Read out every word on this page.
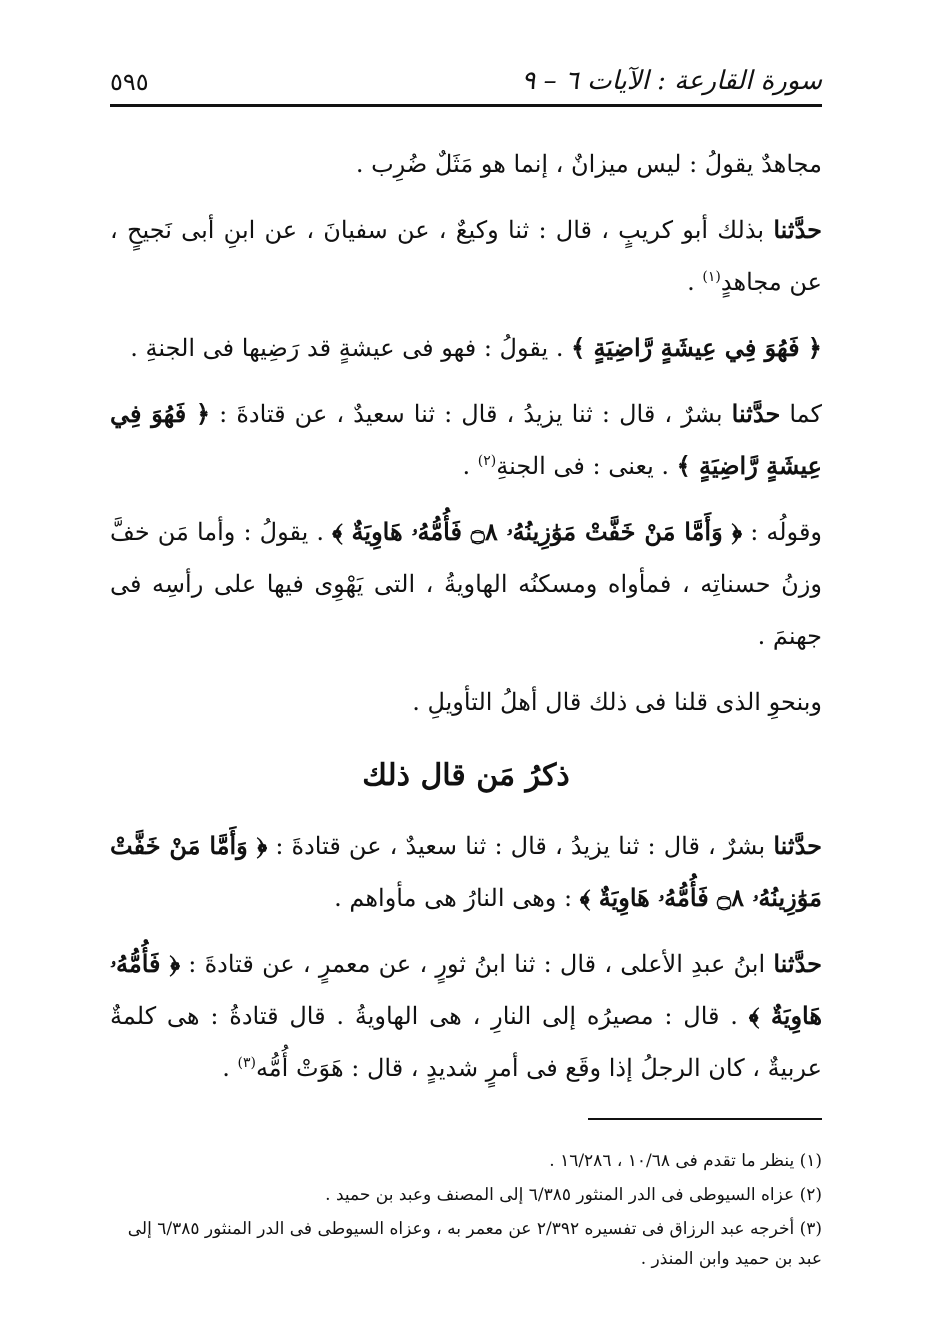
سورة القارعة : الآيات ٦ – ٩
٥٩٥

مجاهدٌ يقولُ : ليس ميزانٌ ، إنما هو مَثَلٌ ضُرِب .

حدَّثنا بذلك أبو كريبٍ ، قال : ثنا وكيعٌ ، عن سفيانَ ، عن ابنِ أبى نَجيحٍ ، عن مجاهدٍ$^{(١)}$ .

﴿ فَهُوَ فِي عِيشَةٍ رَّاضِيَةٍ ﴾ . يقولُ : فهو فى عيشةٍ قد رَضِيها فى الجنةِ .

كما حدَّثنا بشرٌ ، قال : ثنا يزيدُ ، قال : ثنا سعيدٌ ، عن قتادةَ : ﴿ فَهُوَ فِي عِيشَةٍ رَّاضِيَةٍ ﴾ . يعنى : فى الجنةِ$^{(٢)}$ .

وقولُه : ﴿ وَأَمَّا مَنْ خَفَّتْ مَوَٰزِينُهُۥ ۝٨ فَأُمُّهُۥ هَاوِيَةٌ ﴾ . يقولُ : وأما مَن خفَّ وزنُ حسناتِه ، فمأواه ومسكنُه الهاويةُ ، التى يَهْوِى فيها على رأسِه فى جهنمَ .

وبنحوِ الذى قلنا فى ذلك قال أهلُ التأويلِ .

ذكرُ مَن قال ذلك

حدَّثنا بشرٌ ، قال : ثنا يزيدُ ، قال : ثنا سعيدٌ ، عن قتادةَ : ﴿ وَأَمَّا مَنْ خَفَّتْ مَوَٰزِينُهُۥ ۝٨ فَأُمُّهُۥ هَاوِيَةٌ ﴾ : وهى النارُ هى مأواهم .

حدَّثنا ابنُ عبدِ الأعلى ، قال : ثنا ابنُ ثورٍ ، عن معمرٍ ، عن قتادةَ : ﴿ فَأُمُّهُۥ هَاوِيَةٌ ﴾ . قال : مصيرُه إلى النارِ ، هى الهاويةُ . قال قتادةُ : هى كلمةٌ عربيةٌ ، كان الرجلُ إذا وقَع فى أمرٍ شديدٍ ، قال : هَوَتْ أُمُّه$^{(٣)}$ .

(١) ينظر ما تقدم فى ١٠/٦٨ ، ١٦/٢٨٦ .
(٢) عزاه السيوطى فى الدر المنثور ٦/٣٨٥ إلى المصنف وعبد بن حميد .
(٣) أخرجه عبد الرزاق فى تفسيره ٢/٣٩٢ عن معمر به ، وعزاه السيوطى فى الدر المنثور ٦/٣٨٥ إلى عبد بن حميد وابن المنذر .
